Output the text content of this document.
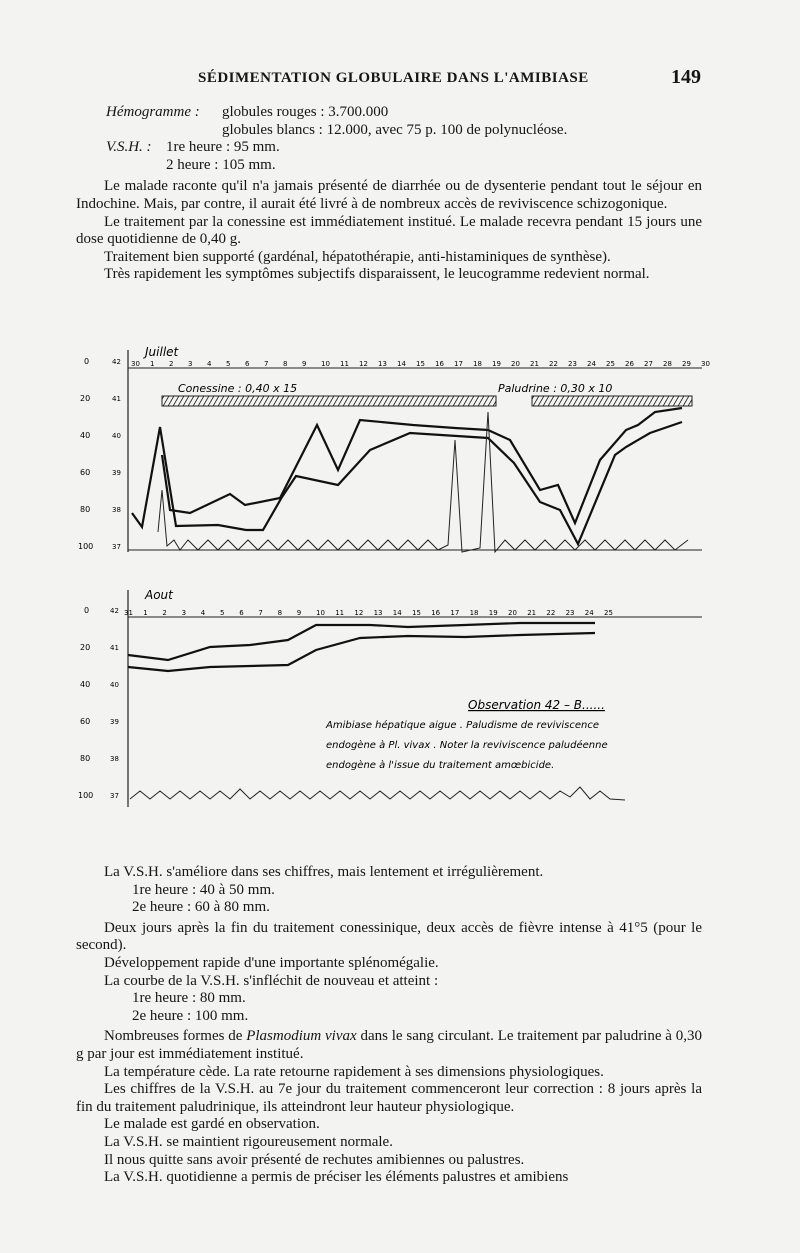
SÉDIMENTATION GLOBULAIRE DANS L'AMIBIASE	149
Hémogramme : globules rouges : 3.700.000
globules blancs : 12.000, avec 75 p. 100 de polynucléose.
V.S.H. : 1re heure : 95 mm.
2 heure : 105 mm.

Le malade raconte qu'il n'a jamais présenté de diarrhée ou de dysenterie pendant tout le séjour en Indochine. Mais, par contre, il aurait été livré à de nombreux accès de reviviscence schizogonique.

Le traitement par la conessine est immédiatement institué. Le malade recevra pendant 15 jours une dose quotidienne de 0,40 g.

Traitement bien supporté (gardénal, hépatothérapie, anti-histaminiques de synthèse).

Très rapidement les symptômes subjectifs disparaissent, le leucogramme redevient normal.

Juillet
30 1 2 3 4 5 6 7 8 9 10 11 12 13 14 15 16 17 18 19 20 21 22 23 24 25 26 27 28 29 30
0
20
40
60
80
100
42
41
40
39
38
37
Conessine : 0,40 x 15	Paludrine : 0,30 x 10
Aout
31 1 2 3 4 5 6 7 8 9 10 11 12 13 14 15 16 17 18 19 20 21 22 23 24 25
0
20
40
60
80
100
42
41
40
39
38
37
Observation 42 – B......
Amibiase hépatique aigue . Paludisme de reviviscence
endogène à Pl. vivax . Noter la reviviscence paludéenne
endogène à l'issue du traitement amœbicide.

La V.S.H. s'améliore dans ses chiffres, mais lentement et irrégulièrement.

1re heure : 40 à 50 mm.
2e heure : 60 à 80 mm.

Deux jours après la fin du traitement conessinique, deux accès de fièvre intense à 41°5 (pour le second).

Développement rapide d'une importante splénomégalie.

La courbe de la V.S.H. s'infléchit de nouveau et atteint :

1re heure : 80 mm.
2e heure : 100 mm.

Nombreuses formes de Plasmodium vivax dans le sang circulant. Le traitement par paludrine à 0,30 g par jour est immédiatement institué.

La température cède. La rate retourne rapidement à ses dimensions physiologiques.

Les chiffres de la V.S.H. au 7e jour du traitement commenceront leur correction : 8 jours après la fin du traitement paludrinique, ils atteindront leur hauteur physiologique.

Le malade est gardé en observation.

La V.S.H. se maintient rigoureusement normale.

Il nous quitte sans avoir présenté de rechutes amibiennes ou palustres.

La V.S.H. quotidienne a permis de préciser les éléments palustres et amibiens
